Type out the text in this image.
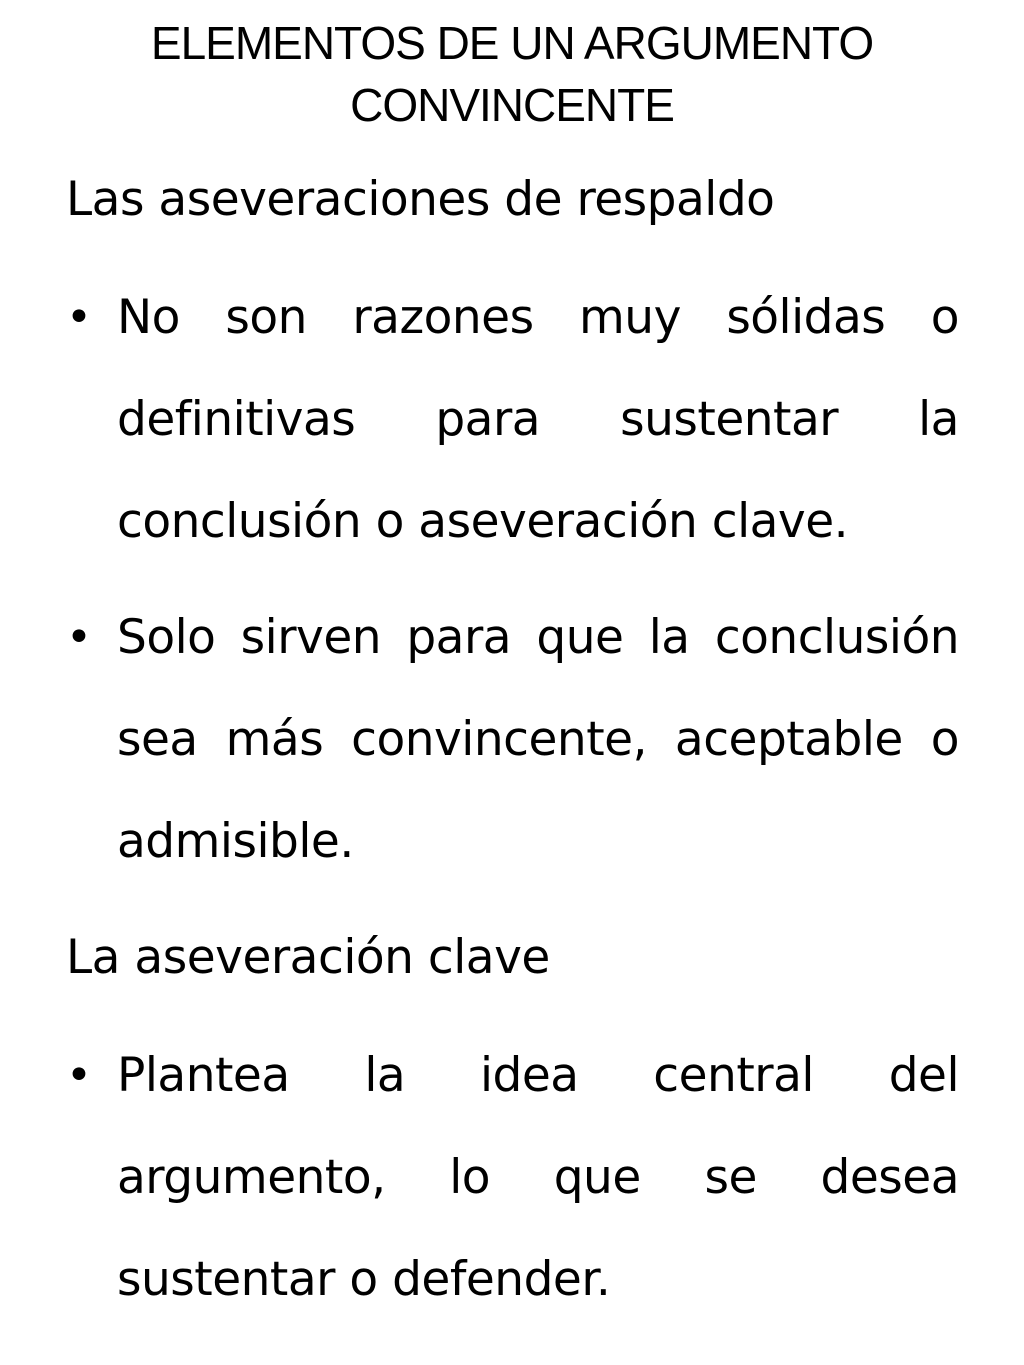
ELEMENTOS DE UN ARGUMENTO
CONVINCENTE
Las aseveraciones de respaldo
• No son razones muy sólidas o

definitivas para sustentar la

conclusión o aseveración clave.

• Solo sirven para que la conclusión

sea más convincente, aceptable o

admisible.

La aseveración clave
• Plantea la idea central del

argumento, lo que se desea

sustentar o defender.
